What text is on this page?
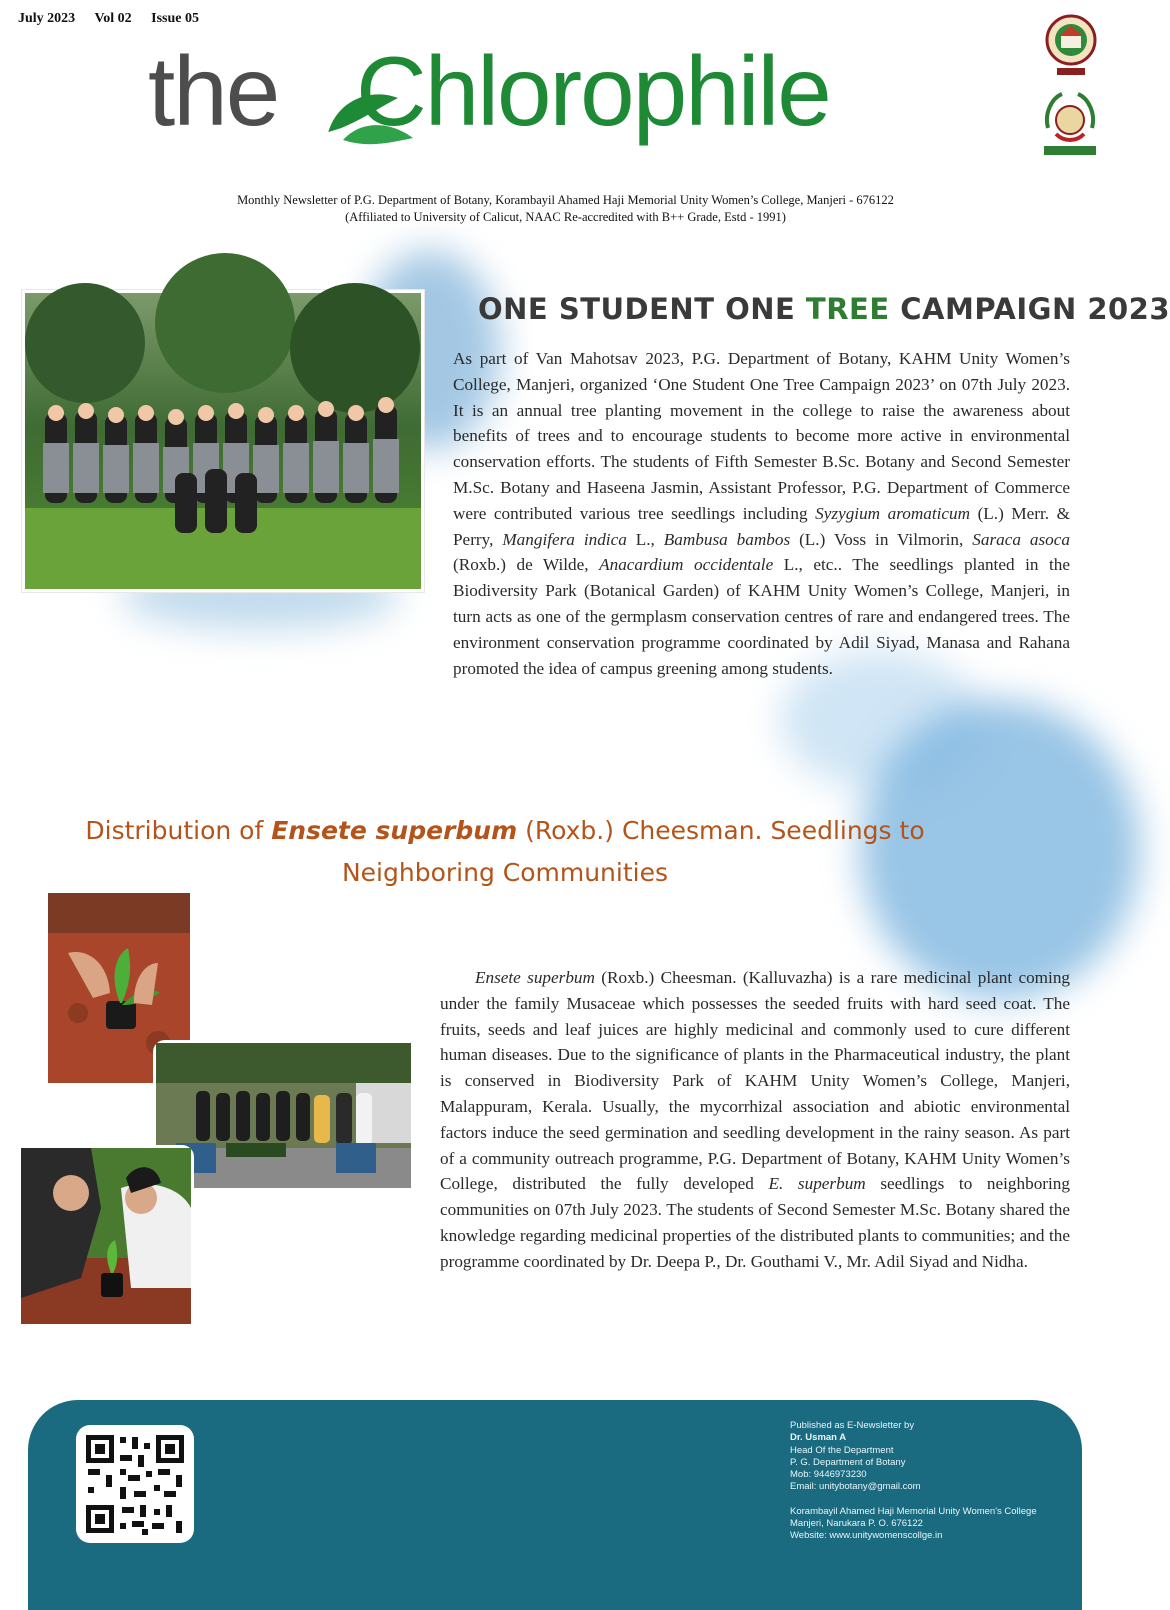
July 2023 Vol 02 Issue 05
the Chlorophile
Monthly Newsletter of P.G. Department of Botany, Korambayil Ahamed Haji Memorial Unity Women’s College, Manjeri - 676122
(Affiliated to University of Calicut, NAAC Re-accredited with B++ Grade, Estd - 1991)
ONE STUDENT ONE TREE CAMPAIGN 2023
As part of Van Mahotsav 2023, P.G. Department of Botany, KAHM Unity Women’s College, Manjeri, organized ‘One Student One Tree Campaign 2023’ on 07th July 2023. It is an annual tree planting movement in the college to raise the awareness about benefits of trees and to encourage students to become more active in environmental conservation efforts. The students of Fifth Semester B.Sc. Botany and Second Semester M.Sc. Botany and Haseena Jasmin, Assistant Professor, P.G. Department of Commerce were contributed various tree seedlings including Syzygium aromaticum (L.) Merr. & Perry, Mangifera indica L., Bambusa bambos (L.) Voss in Vilmorin, Saraca asoca (Roxb.) de Wilde, Anacardium occidentale L., etc.. The seedlings planted in the Biodiversity Park (Botanical Garden) of KAHM Unity Women’s College, Manjeri, in turn acts as one of the germplasm conservation centres of rare and endangered trees. The environment conservation programme coordinated by Adil Siyad, Manasa and Rahana promoted the idea of campus greening among students.
Distribution of Ensete superbum (Roxb.) Cheesman. Seedlings to
Neighboring Communities
Ensete superbum (Roxb.) Cheesman. (Kalluvazha) is a rare medicinal plant coming under the family Musaceae which possesses the seeded fruits with hard seed coat. The fruits, seeds and leaf juices are highly medicinal and commonly used to cure different human diseases. Due to the significance of plants in the Pharmaceutical industry, the plant is conserved in Biodiversity Park of KAHM Unity Women’s College, Manjeri, Malappuram, Kerala. Usually, the mycorrhizal association and abiotic environmental factors induce the seed germination and seedling development in the rainy season. As part of a community outreach programme, P.G. Department of Botany, KAHM Unity Women’s College, distributed the fully developed E. superbum seedlings to neighboring communities on 07th July 2023. The students of Second Semester M.Sc. Botany shared the knowledge regarding medicinal properties of the distributed plants to communities; and the programme coordinated by Dr. Deepa P., Dr. Gouthami V., Mr. Adil Siyad and Nidha.
Published as E-Newsletter by
Dr. Usman A
Head Of the Department
P. G. Department of Botany
Mob: 9446973230
Email: unitybotany@gmail.com
Korambayil Ahamed Haji Memorial Unity Women's College
Manjeri, Narukara P. O. 676122
Website: www.unitywomenscollge.in
